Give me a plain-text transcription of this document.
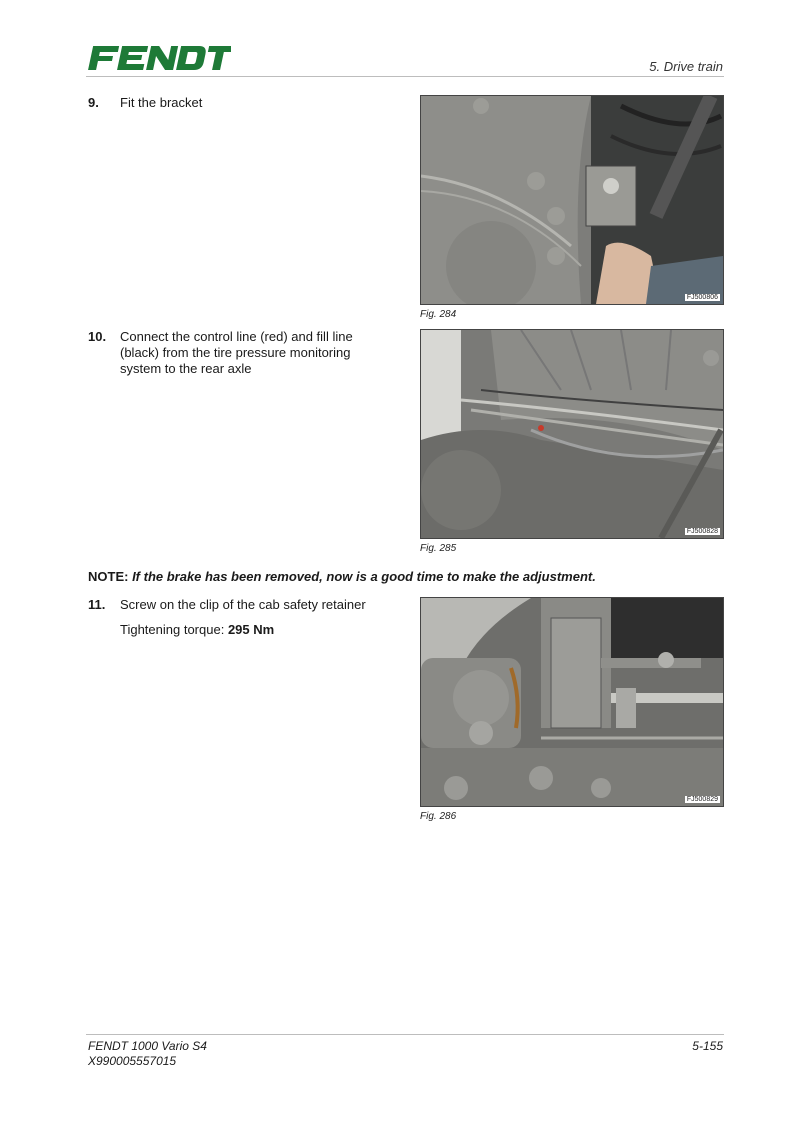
5. Drive train
9. Fit the bracket
FJ500806
Fig. 284
10. Connect the control line (red) and fill line (black) from the tire pressure monitoring system to the rear axle
FJ500828
Fig. 285
NOTE: If the brake has been removed, now is a good time to make the adjustment.
11. Screw on the clip of the cab safety retainer
Tightening torque: 295 Nm
FJ500829
Fig. 286
FENDT 1000 Vario S4
X990005557015
5-155
